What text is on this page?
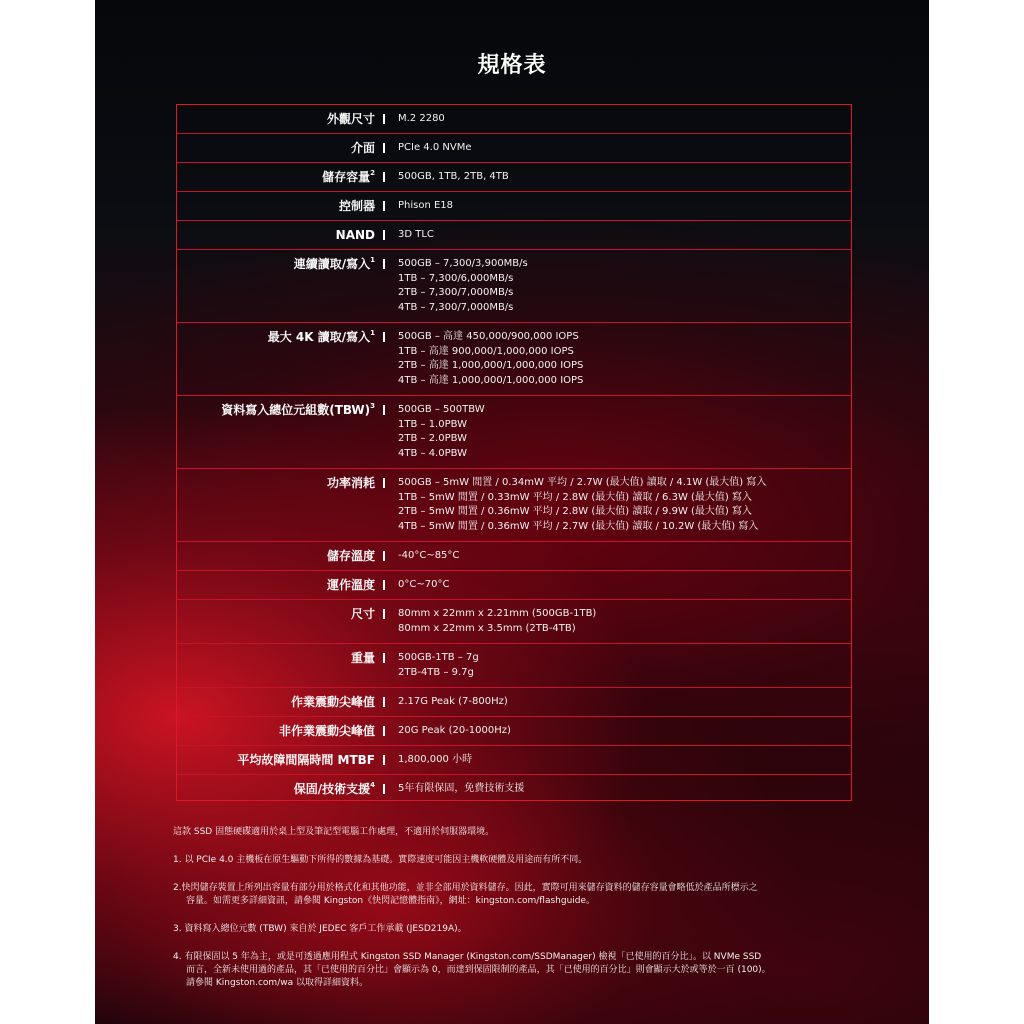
規格表
外觀尺寸 M.2 2280
介面 PCIe 4.0 NVMe
儲存容量$^2$ 500GB, 1TB, 2TB, 4TB
控制器 Phison E18
NAND 3D TLC
連續讀取/寫入$^1$ 500GB – 7,300/3,900MB/s
1TB – 7,300/6,000MB/s
2TB – 7,300/7,000MB/s
4TB – 7,300/7,000MB/s
最大 4K 讀取/寫入$^1$ 500GB – 高達 450,000/900,000 IOPS
1TB – 高達 900,000/1,000,000 IOPS
2TB – 高達 1,000,000/1,000,000 IOPS
4TB – 高達 1,000,000/1,000,000 IOPS
資料寫入總位元組數(TBW)$^3$ 500GB – 500TBW
1TB – 1.0PBW
2TB – 2.0PBW
4TB – 4.0PBW
功率消耗 500GB – 5mW 閒置 / 0.34mW 平均 / 2.7W (最大值) 讀取 / 4.1W (最大值) 寫入
1TB – 5mW 閒置 / 0.33mW 平均 / 2.8W (最大值) 讀取 / 6.3W (最大值) 寫入
2TB – 5mW 閒置 / 0.36mW 平均 / 2.8W (最大值) 讀取 / 9.9W (最大值) 寫入
4TB – 5mW 閒置 / 0.36mW 平均 / 2.7W (最大值) 讀取 / 10.2W (最大值) 寫入
儲存溫度 -40°C~85°C
運作溫度 0°C~70°C
尺寸 80mm x 22mm x 2.21mm (500GB-1TB)
80mm x 22mm x 3.5mm (2TB-4TB)
重量 500GB-1TB – 7g
2TB-4TB – 9.7g
作業震動尖峰值 2.17G Peak (7-800Hz)
非作業震動尖峰值 20G Peak (20-1000Hz)
平均故障間隔時間 MTBF 1,800,000 小時
保固/技術支援$^4$ 5年有限保固，免費技術支援
這款 SSD 固態硬碟適用於桌上型及筆記型電腦工作處理，不適用於伺服器環境。
1. 以 PCIe 4.0 主機板在原生驅動下所得的數據為基礎。實際速度可能因主機軟硬體及用途而有所不同。
2.快閃儲存裝置上所列出容量有部分用於格式化和其他功能，並非全部用於資料儲存。因此，實際可用來儲存資料的儲存容量會略低於產品所標示之
容量。如需更多詳細資訊，請參閱 Kingston《快閃記憶體指南》，網址：kingston.com/flashguide。
3. 資料寫入總位元數 (TBW) 來自於 JEDEC 客戶工作承載 (JESD219A)。
4. 有限保固以 5 年為主，或是可透過應用程式 Kingston SSD Manager (Kingston.com/SSDManager) 檢視「已使用的百分比」。以 NVMe SSD
而言，全新未使用過的產品，其「已使用的百分比」會顯示為 0，而達到保固限制的產品，其「已使用的百分比」則會顯示大於或等於一百 (100)。
請參閱 Kingston.com/wa 以取得詳細資料。
